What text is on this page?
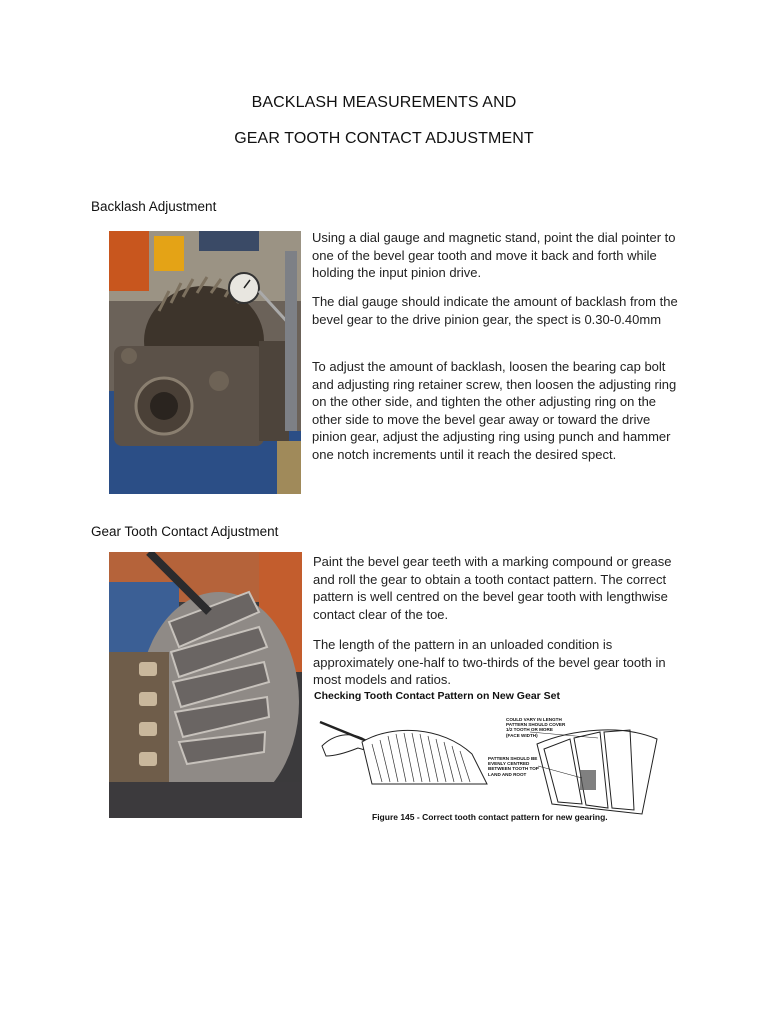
BACKLASH MEASUREMENTS AND
GEAR TOOTH CONTACT ADJUSTMENT
Backlash Adjustment

Using a dial gauge and magnetic stand, point the dial pointer to one of the bevel gear tooth and move it back and forth while holding the input pinion drive.

The dial gauge should indicate the amount of backlash from the bevel gear to the drive pinion gear, the spect is 0.30-0.40mm

To adjust the amount of backlash, loosen the bearing cap bolt and adjusting ring retainer screw, then loosen the adjusting ring on the other side, and tighten the other adjusting ring on the other side to move the bevel gear away or toward the drive pinion gear, adjust the adjusting ring using punch and hammer one notch increments until it reach the desired spect.

Gear Tooth Contact Adjustment

Paint the bevel gear teeth with a marking compound or grease and roll the gear to obtain a tooth contact pattern. The correct pattern is well centred on the bevel gear tooth with lengthwise contact clear of the toe.

The length of the pattern in an unloaded condition is approximately one-half to two-thirds of the bevel gear tooth in most models and ratios.

Checking Tooth Contact Pattern on New Gear Set
COULD VARY IN LENGTH PATTERN SHOULD COVER 1/2 TOOTH OR MORE (FACE WIDTH)
PATTERN SHOULD BE EVENLY CENTRED BETWEEN TOOTH TOP LAND AND ROOT
Figure 145 - Correct tooth contact pattern for new gearing.
